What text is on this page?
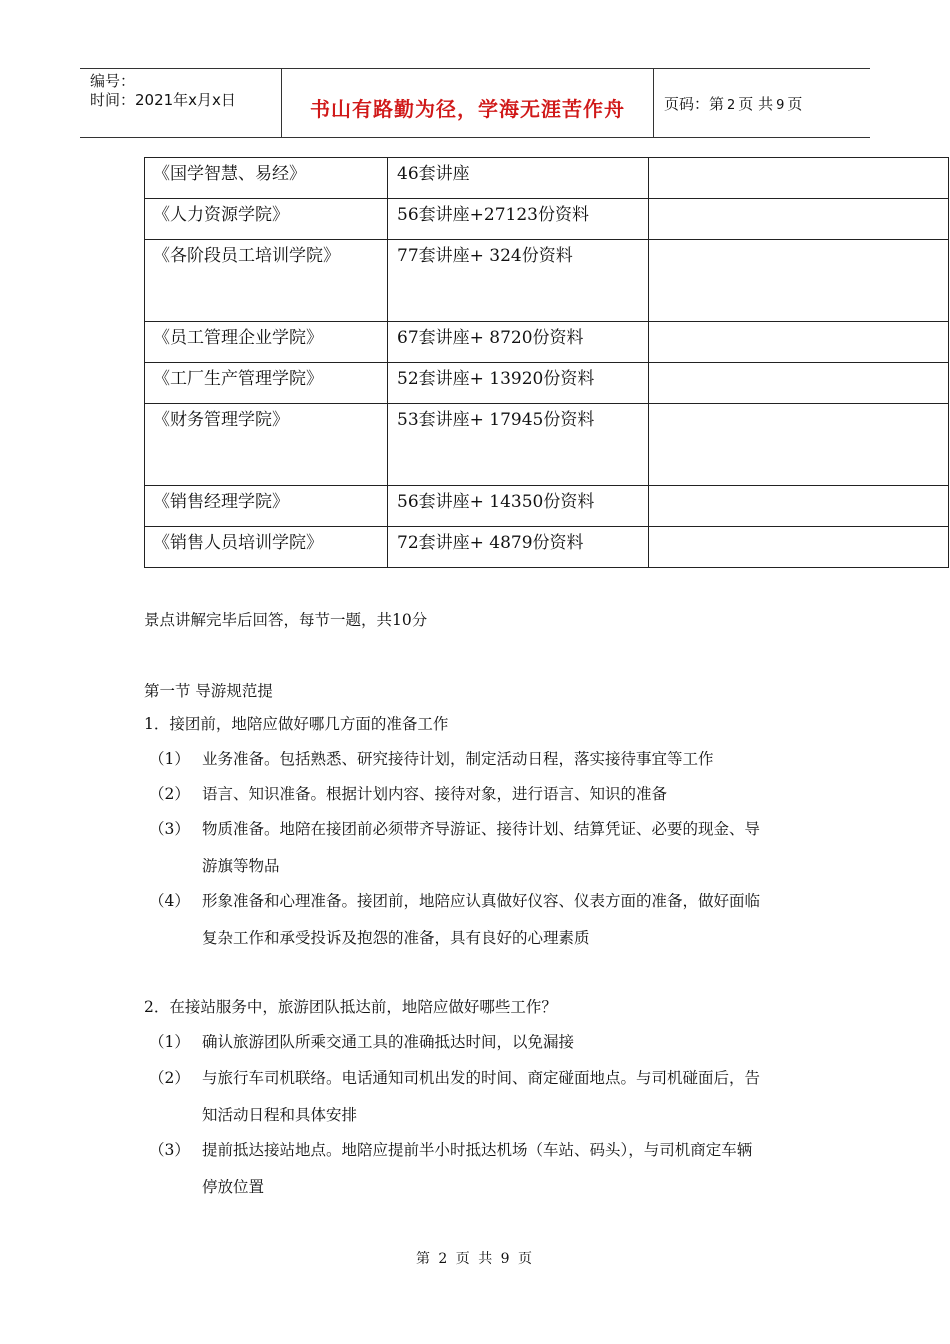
编号：
时间：2021年x月x日	书山有路勤为径，学海无涯苦作舟	页码：第 2 页 共 9 页
《国学智慧、易经》	46套讲座	

《人力资源学院》	56套讲座+27123份资料	

《各阶段员工培训学院》	77套讲座+ 324份资料	

《员工管理企业学院》	67套讲座+ 8720份资料	

《工厂生产管理学院》	52套讲座+ 13920份资料	

《财务管理学院》	53套讲座+ 17945份资料	

《销售经理学院》	56套讲座+ 14350份资料	

《销售人员培训学院》	72套讲座+ 4879份资料	

景点讲解完毕后回答，每节一题，共10分
第一节 导游规范提
1．接团前，地陪应做好哪几方面的准备工作
（1） 业务准备。包括熟悉、研究接待计划，制定活动日程，落实接待事宜等工作
（2） 语言、知识准备。根据计划内容、接待对象，进行语言、知识的准备
（3） 物质准备。地陪在接团前必须带齐导游证、接待计划、结算凭证、必要的现金、导
游旗等物品
（4） 形象准备和心理准备。接团前，地陪应认真做好仪容、仪表方面的准备，做好面临
复杂工作和承受投诉及抱怨的准备，具有良好的心理素质
2．在接站服务中，旅游团队抵达前，地陪应做好哪些工作？
（1） 确认旅游团队所乘交通工具的准确抵达时间，以免漏接
（2） 与旅行车司机联络。电话通知司机出发的时间、商定碰面地点。与司机碰面后，告
知活动日程和具体安排
（3） 提前抵达接站地点。地陪应提前半小时抵达机场（车站、码头），与司机商定车辆
停放位置
第 2 页 共 9 页
